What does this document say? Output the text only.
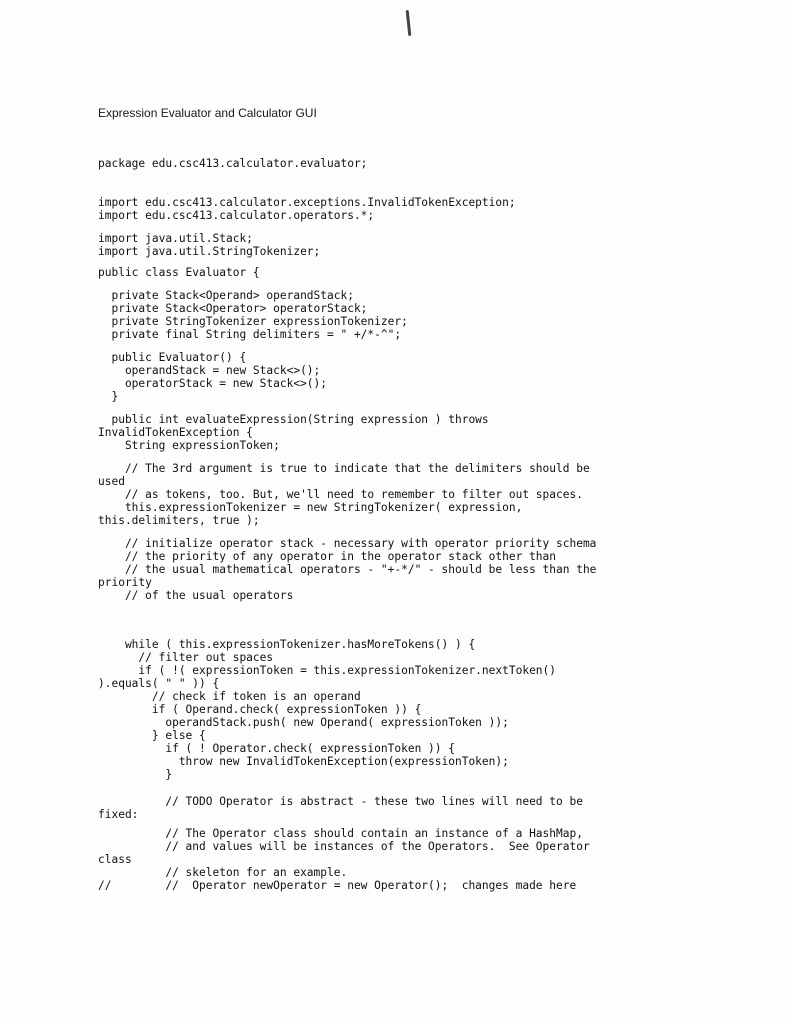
Expression Evaluator and Calculator GUI
package edu.csc413.calculator.evaluator;
import edu.csc413.calculator.exceptions.InvalidTokenException;
import edu.csc413.calculator.operators.*;
import java.util.Stack;
import java.util.StringTokenizer;
public class Evaluator {
private Stack<Operand> operandStack;
private Stack<Operator> operatorStack;
private StringTokenizer expressionTokenizer;
private final String delimiters = " +/*-^";
public Evaluator() {
operandStack = new Stack<>();
operatorStack = new Stack<>();
}
public int evaluateExpression(String expression ) throws
InvalidTokenException {
String expressionToken;
// The 3rd argument is true to indicate that the delimiters should be
used
// as tokens, too. But, we'll need to remember to filter out spaces.
this.expressionTokenizer = new StringTokenizer( expression,
this.delimiters, true );
// initialize operator stack - necessary with operator priority schema
// the priority of any operator in the operator stack other than
// the usual mathematical operators - "+-*/" - should be less than the
priority
// of the usual operators
while ( this.expressionTokenizer.hasMoreTokens() ) {
// filter out spaces
if ( !( expressionToken = this.expressionTokenizer.nextToken()
).equals( " " )) {
// check if token is an operand
if ( Operand.check( expressionToken )) {
operandStack.push( new Operand( expressionToken ));
} else {
if ( ! Operator.check( expressionToken )) {
throw new InvalidTokenException(expressionToken);
}
// TODO Operator is abstract - these two lines will need to be
fixed:
// The Operator class should contain an instance of a HashMap,
// and values will be instances of the Operators.  See Operator
class
// skeleton for an example.
//        //  Operator newOperator = new Operator();  changes made here
